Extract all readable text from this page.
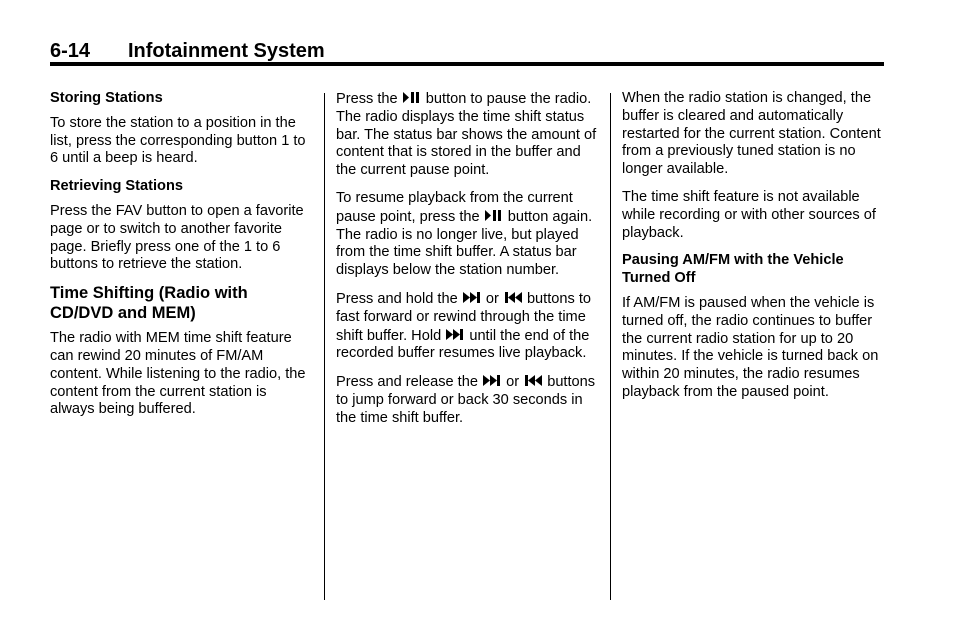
6-14 Infotainment System
Storing Stations

To store the station to a position in the list, press the corresponding button 1 to 6 until a beep is heard.

Retrieving Stations

Press the FAV button to open a favorite page or to switch to another favorite page. Briefly press one of the 1 to 6 buttons to retrieve the station.

Time Shifting (Radio with CD/DVD and MEM)

The radio with MEM time shift feature can rewind 20 minutes of FM/AM content. While listening to the radio, the content from the current station is always being buffered.

Press the button to pause the radio. The radio displays the time shift status bar. The status bar shows the amount of content that is stored in the buffer and the current pause point.

To resume playback from the current pause point, press the button again. The radio is no longer live, but played from the time shift buffer. A status bar displays below the station number.

Press and hold the or buttons to fast forward or rewind through the time shift buffer. Hold until the end of the recorded buffer resumes live playback.

Press and release the or buttons to jump forward or back 30 seconds in the time shift buffer.

When the radio station is changed, the buffer is cleared and automatically restarted for the current station. Content from a previously tuned station is no longer available.

The time shift feature is not available while recording or with other sources of playback.

Pausing AM/FM with the Vehicle Turned Off

If AM/FM is paused when the vehicle is turned off, the radio continues to buffer the current radio station for up to 20 minutes. If the vehicle is turned back on within 20 minutes, the radio resumes playback from the paused point.
